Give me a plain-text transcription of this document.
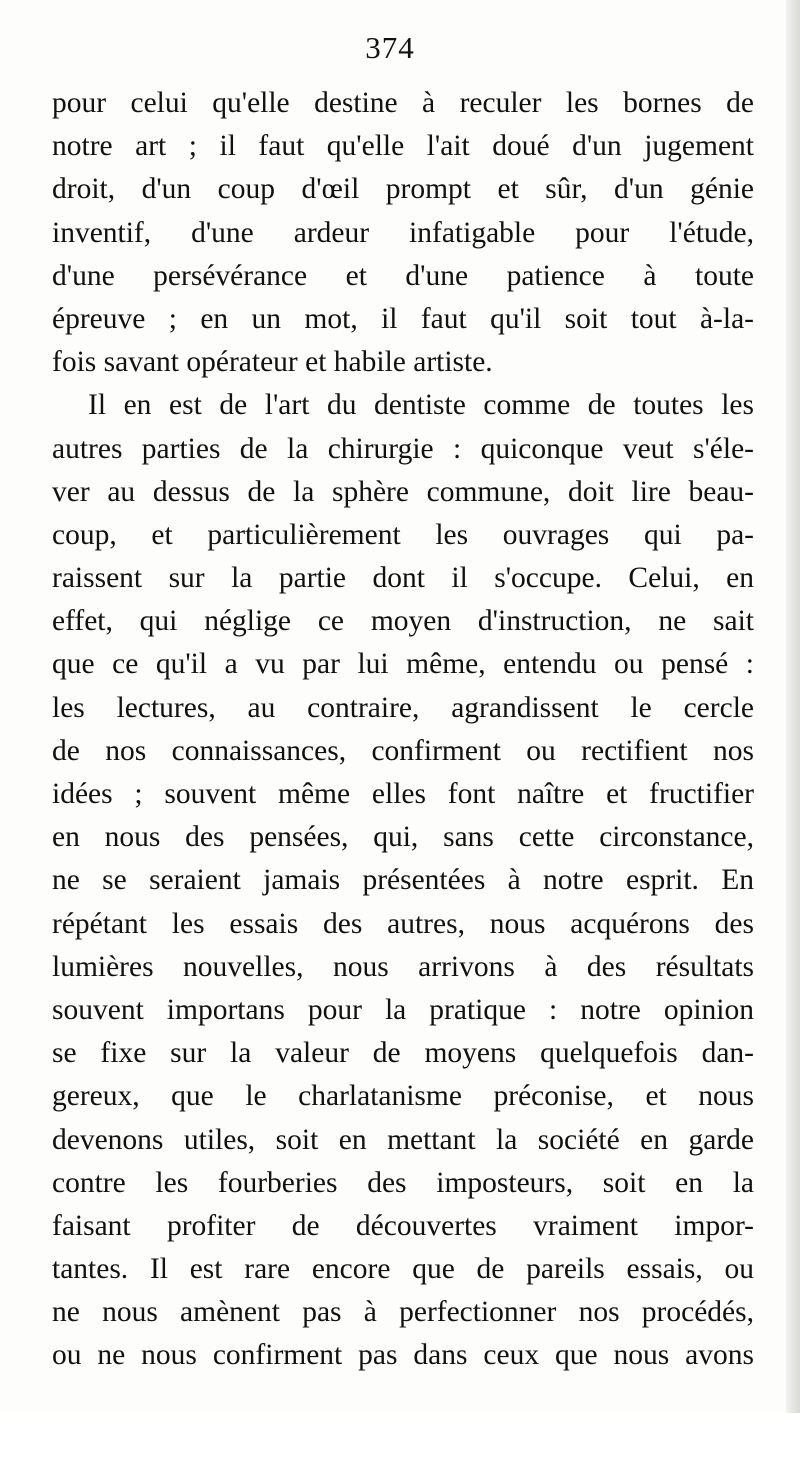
374
pour celui qu'elle destine à reculer les bornes de
notre art ; il faut qu'elle l'ait doué d'un jugement
droit, d'un coup d'œil prompt et sûr, d'un génie
inventif, d'une ardeur infatigable pour l'étude,
d'une persévérance et d'une patience à toute
épreuve ; en un mot, il faut qu'il soit tout à-la-
fois savant opérateur et habile artiste.
Il en est de l'art du dentiste comme de toutes les
autres parties de la chirurgie : quiconque veut s'éle-
ver au dessus de la sphère commune, doit lire beau-
coup, et particulièrement les ouvrages qui pa-
raissent sur la partie dont il s'occupe. Celui, en
effet, qui néglige ce moyen d'instruction, ne sait
que ce qu'il a vu par lui même, entendu ou pensé :
les lectures, au contraire, agrandissent le cercle
de nos connaissances, confirment ou rectifient nos
idées ; souvent même elles font naître et fructifier
en nous des pensées, qui, sans cette circonstance,
ne se seraient jamais présentées à notre esprit. En
répétant les essais des autres, nous acquérons des
lumières nouvelles, nous arrivons à des résultats
souvent importans pour la pratique : notre opinion
se fixe sur la valeur de moyens quelquefois dan-
gereux, que le charlatanisme préconise, et nous
devenons utiles, soit en mettant la société en garde
contre les fourberies des imposteurs, soit en la
faisant profiter de découvertes vraiment impor-
tantes. Il est rare encore que de pareils essais, ou
ne nous amènent pas à perfectionner nos procédés,
ou ne nous confirment pas dans ceux que nous avons
